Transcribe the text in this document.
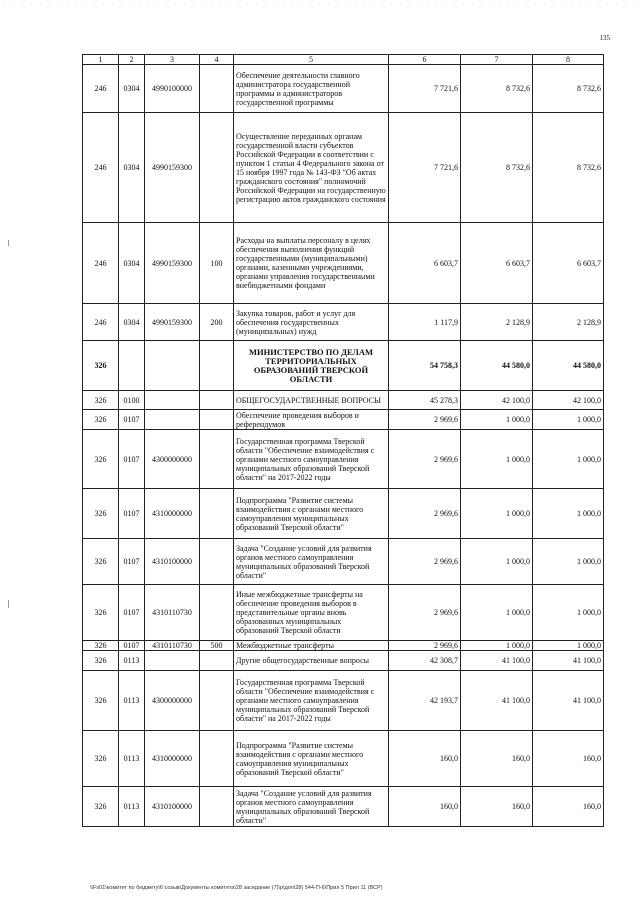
135
1	2	3	4	5	6	7	8
246	0304	4990100000		Обеспечение деятельности главного администратора государственной программы и администраторов государственной программы	7 721,6	8 732,6	8 732,6
246	0304	4990159300		Осуществление переданных органам государственной власти субъектов Российской Федерации в соответствии с пунктом 1 статьи 4 Федерального закона от 15 ноября 1997 года № 143-ФЗ "Об актах гражданского состояния" полномочий Российской Федерации на государственную регистрацию актов гражданского состояния	7 721,6	8 732,6	8 732,6
246	0304	4990159300	100	Расходы на выплаты персоналу в целях обеспечения выполнения функций государственными (муниципальными) органами, казенными учреждениями, органами управления государственными внебюджетными фондами	6 603,7	6 603,7	6 603,7
246	0304	4990159300	200	Закупка товаров, работ и услуг для обеспечения государственных (муниципальных) нужд	1 117,9	2 128,9	2 128,9
326				МИНИСТЕРСТВО ПО ДЕЛАМ ТЕРРИТОРИАЛЬНЫХ ОБРАЗОВАНИЙ ТВЕРСКОЙ ОБЛАСТИ	54 758,3	44 580,0	44 580,0
326	0100			ОБЩЕГОСУДАРСТВЕННЫЕ ВОПРОСЫ	45 278,3	42 100,0	42 100,0
326	0107			Обеспечение проведения выборов и референдумов	2 969,6	1 000,0	1 000,0
326	0107	4300000000		Государственная программа Тверской области "Обеспечение взаимодействия с органами местного самоуправления муниципальных образований Тверской области" на 2017-2022 годы	2 969,6	1 000,0	1 000,0
326	0107	4310000000		Подпрограмма "Развитие системы взаимодействия с органами местного самоуправления муниципальных образований Тверской области"	2 969,6	1 000,0	1 000,0
326	0107	4310100000		Задача "Создание условий для развития органов местного самоуправления муниципальных образований Тверской области"	2 969,6	1 000,0	1 000,0
326	0107	4310110730		Иные межбюджетные трансферты на обеспечение проведения выборов в представительные органы вновь образованных муниципальных образований Тверской области	2 969,6	1 000,0	1 000,0
326	0107	4310110730	500	Межбюджетные трансферты	2 969,6	1 000,0	1 000,0
326	0113			Другие общегосударственные вопросы	42 308,7	41 100,0	41 100,0
326	0113	4300000000		Государственная программа Тверской области "Обеспечение взаимодействия с органами местного самоуправления муниципальных образований Тверской области" на 2017-2022 годы	42 193,7	41 100,0	41 100,0
326	0113	4310000000		Подпрограмма "Развитие системы взаимодействия с органами местного самоуправления муниципальных образований Тверской области"	160,0	160,0	160,0
326	0113	4310100000		Задача "Создание условий для развития органов местного самоуправления муниципальных образований Тверской области"	160,0	160,0	160,0
\\Fs01\комитет по бюджету\6 созыв\Документы комитета\28 заседание (7)\р\доп\28) 544-П-6\Прил 5 Прил 11 (ВСР)
